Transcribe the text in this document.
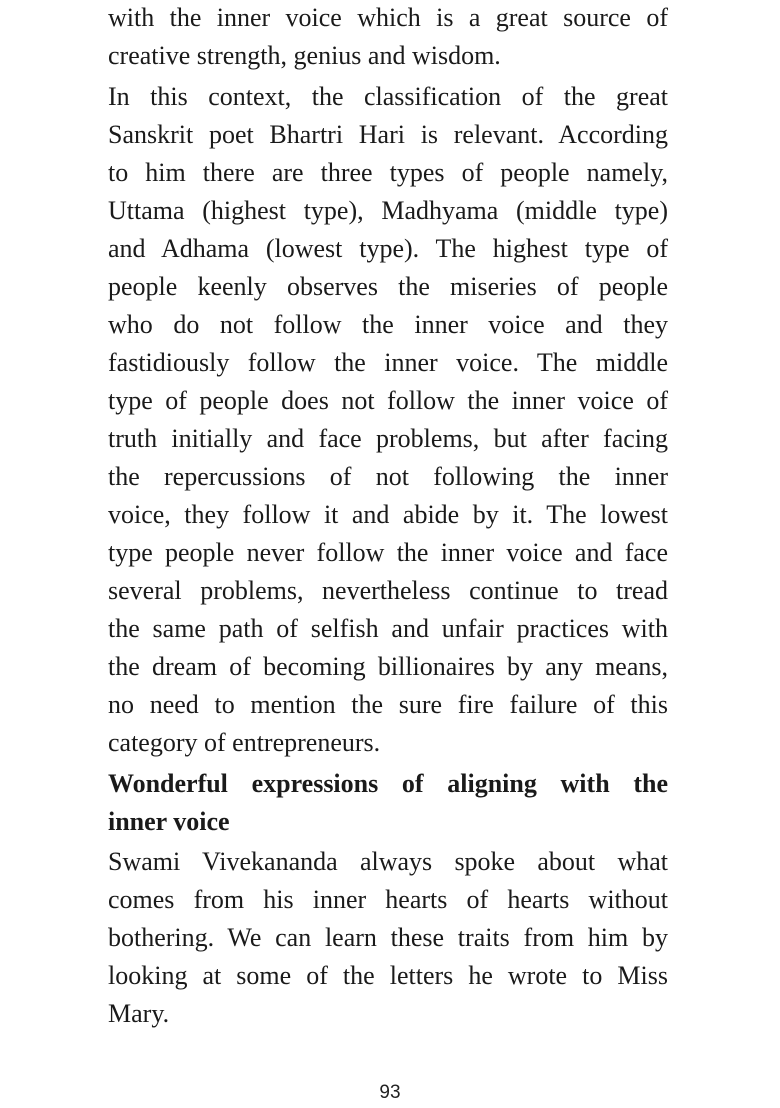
with the inner voice which is a great source of
creative strength, genius and wisdom.
In this context, the classification of the great
Sanskrit poet Bhartri Hari is relevant. According
to him there are three types of people namely,
Uttama (highest type), Madhyama (middle type)
and Adhama (lowest type). The highest type of
people keenly observes the miseries of people
who do not follow the inner voice and they
fastidiously follow the inner voice. The middle
type of people does not follow the inner voice of
truth initially and face problems, but after facing
the repercussions of not following the inner
voice, they follow it and abide by it. The lowest
type people never follow the inner voice and face
several problems, nevertheless continue to tread
the same path of selfish and unfair practices with
the dream of becoming billionaires by any means,
no need to mention the sure fire failure of this
category of entrepreneurs.
Wonderful expressions of aligning with the
inner voice
Swami Vivekananda always spoke about what
comes from his inner hearts of hearts without
bothering. We can learn these traits from him by
looking at some of the letters he wrote to Miss
Mary.
93
